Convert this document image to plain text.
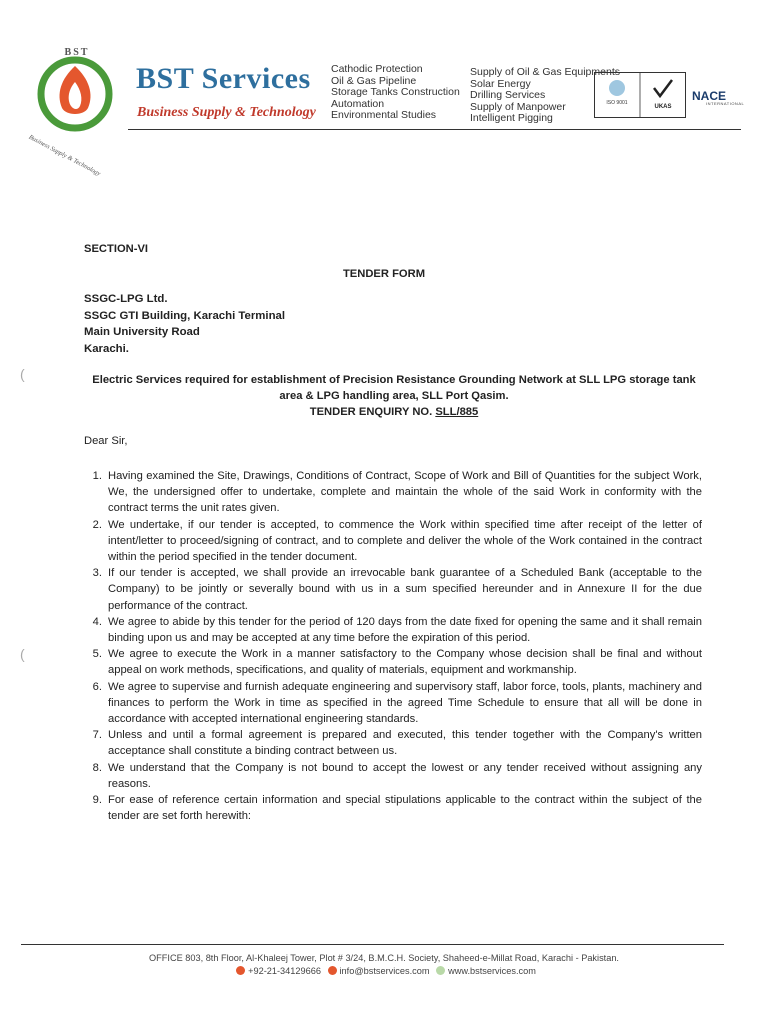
BST
Business Supply & Technology
BST Services
Business Supply & Technology
Cathodic Protection
Oil & Gas Pipeline
Storage Tanks Construction
Automation
Environmental Studies
Supply of Oil & Gas Equipments
Solar Energy
Drilling Services
Supply of Manpower
Intelligent Pigging
ISO 9001
UKAS
NACE
INTERNATIONAL
SECTION-VI
TENDER FORM
SSGC-LPG Ltd.
SSGC GTI Building, Karachi Terminal
Main University Road
Karachi.
Electric Services required for establishment of Precision Resistance Grounding Network at SLL LPG storage tank
area & LPG handling area, SLL Port Qasim.
TENDER ENQUIRY NO. SLL/885
Dear Sir,
1. Having examined the Site, Drawings, Conditions of Contract, Scope of Work and Bill of Quantities for the subject Work, We, the undersigned offer to undertake, complete and maintain the whole of the said Work in conformity with the contract terms the unit rates given.
2. We undertake, if our tender is accepted, to commence the Work within specified time after receipt of the letter of intent/letter to proceed/signing of contract, and to complete and deliver the whole of the Work contained in the contract within the period specified in the tender document.
3. If our tender is accepted, we shall provide an irrevocable bank guarantee of a Scheduled Bank (acceptable to the Company) to be jointly or severally bound with us in a sum specified hereunder and in Annexure II for the due performance of the contract.
4. We agree to abide by this tender for the period of 120 days from the date fixed for opening the same and it shall remain binding upon us and may be accepted at any time before the expiration of this period.
5. We agree to execute the Work in a manner satisfactory to the Company whose decision shall be final and without appeal on work methods, specifications, and quality of materials, equipment and workmanship.
6. We agree to supervise and furnish adequate engineering and supervisory staff, labor force, tools, plants, machinery and finances to perform the Work in time as specified in the agreed Time Schedule to ensure that all will be done in accordance with accepted international engineering standards.
7. Unless and until a formal agreement is prepared and executed, this tender together with the Company's written acceptance shall constitute a binding contract between us.
8. We understand that the Company is not bound to accept the lowest or any tender received without assigning any reasons.
9. For ease of reference certain information and special stipulations applicable to the contract within the subject of the tender are set forth herewith:
(
(
OFFICE 803, 8th Floor, Al-Khaleej Tower, Plot # 3/24, B.M.C.H. Society, Shaheed-e-Millat Road, Karachi - Pakistan.
+92-21-34129666 info@bstservices.com www.bstservices.com
